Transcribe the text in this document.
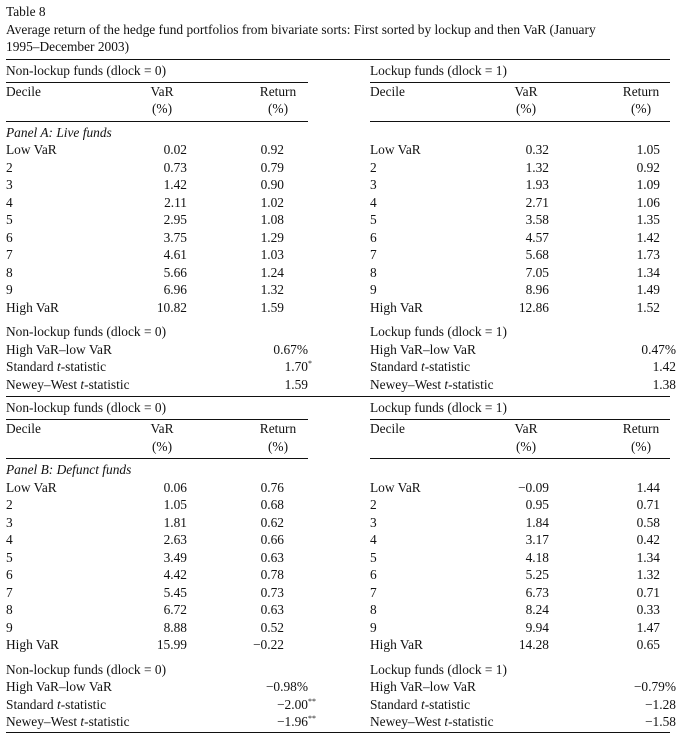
Table 8
Average return of the hedge fund portfolios from bivariate sorts: First sorted by lockup and then VaR (January
1995–December 2003)
Non-lockup funds (dlock = 0)
Decile	VaR	Return
(%)	(%)
Panel A: Live funds
Low VaR	0.02	0.92
2	0.73	0.79
3	1.42	0.90
4	2.11	1.02
5	2.95	1.08
6	3.75	1.29
7	4.61	1.03
8	5.66	1.24
9	6.96	1.32
High VaR	10.82	1.59
Non-lockup funds (dlock = 0)
High VaR–low VaR	0.67%
Standard t-statistic	1.70 *
Newey–West t-statistic	1.59
Lockup funds (dlock = 1)
Decile	VaR	Return
(%)	(%)
Low VaR	0.32	1.05
2	1.32	0.92
3	1.93	1.09
4	2.71	1.06
5	3.58	1.35
6	4.57	1.42
7	5.68	1.73
8	7.05	1.34
9	8.96	1.49
High VaR	12.86	1.52
Lockup funds (dlock = 1)
High VaR–low VaR	0.47%
Standard t-statistic	1.42
Newey–West t-statistic	1.38
Non-lockup funds (dlock = 0)
Decile	VaR	Return
(%)	(%)
Panel B: Defunct funds
Low VaR	0.06	0.76
2	1.05	0.68
3	1.81	0.62
4	2.63	0.66
5	3.49	0.63
6	4.42	0.78
7	5.45	0.73
8	6.72	0.63
9	8.88	0.52
High VaR	15.99	−0.22
Non-lockup funds (dlock = 0)
High VaR–low VaR	−0.98%
Standard t-statistic	−2.00 **
Newey–West t-statistic	−1.96 **
Lockup funds (dlock = 1)
Decile	VaR	Return
(%)	(%)
Low VaR	−0.09	1.44
2	0.95	0.71
3	1.84	0.58
4	3.17	0.42
5	4.18	1.34
6	5.25	1.32
7	6.73	0.71
8	8.24	0.33
9	9.94	1.47
High VaR	14.28	0.65
Lockup funds (dlock = 1)
High VaR–low VaR	−0.79%
Standard t-statistic	−1.28
Newey–West t-statistic	−1.58
